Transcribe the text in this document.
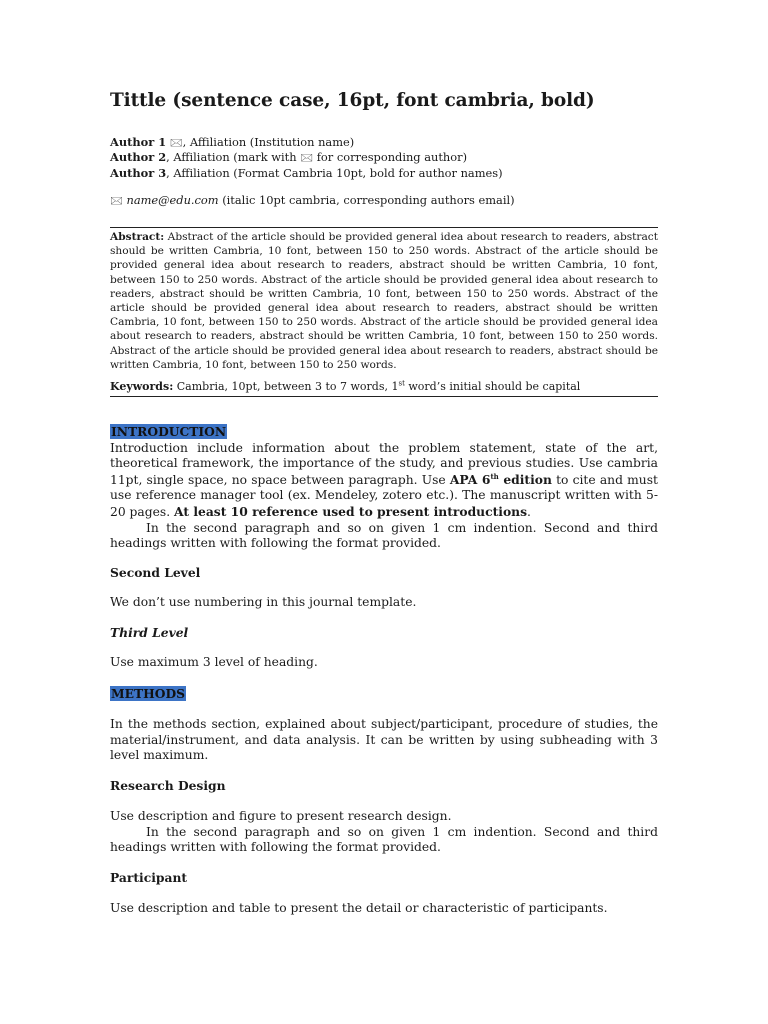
Tittle (sentence case, 16pt, font cambria, bold)
Author 1 🖂, Affiliation (Institution name)
Author 2, Affiliation (mark with 🖂 for corresponding author)
Author 3, Affiliation (Format Cambria 10pt, bold for author names)
🖂 name@edu.com (italic 10pt cambria, corresponding authors email)
Abstract: Abstract of the article should be provided general idea about research to readers, abstract should be written Cambria, 10 font, between 150 to 250 words. Abstract of the article should be provided general idea about research to readers, abstract should be written Cambria, 10 font, between 150 to 250 words. Abstract of the article should be provided general idea about research to readers, abstract should be written Cambria, 10 font, between 150 to 250 words. Abstract of the article should be provided general idea about research to readers, abstract should be written Cambria, 10 font, between 150 to 250 words. Abstract of the article should be provided general idea about research to readers, abstract should be written Cambria, 10 font, between 150 to 250 words. Abstract of the article should be provided general idea about research to readers, abstract should be written Cambria, 10 font, between 150 to 250 words.
Keywords: Cambria, 10pt, between 3 to 7 words, 1st word’s initial should be capital
INTRODUCTION
Introduction include information about the problem statement, state of the art, theoretical framework, the importance of the study, and previous studies. Use cambria 11pt, single space, no space between paragraph. Use APA 6th edition to cite and must use reference manager tool (ex. Mendeley, zotero etc.). The manuscript written with 5-20 pages. At least 10 reference used to present introductions.
In the second paragraph and so on given 1 cm indention. Second and third headings written with following the format provided.
Second Level
We don’t use numbering in this journal template.
Third Level
Use maximum 3 level of heading.
METHODS
In the methods section, explained about subject/participant, procedure of studies, the material/instrument, and data analysis. It can be written by using subheading with 3 level maximum.
Research Design
Use description and figure to present research design.
In the second paragraph and so on given 1 cm indention. Second and third headings written with following the format provided.
Participant
Use description and table to present the detail or characteristic of participants.
